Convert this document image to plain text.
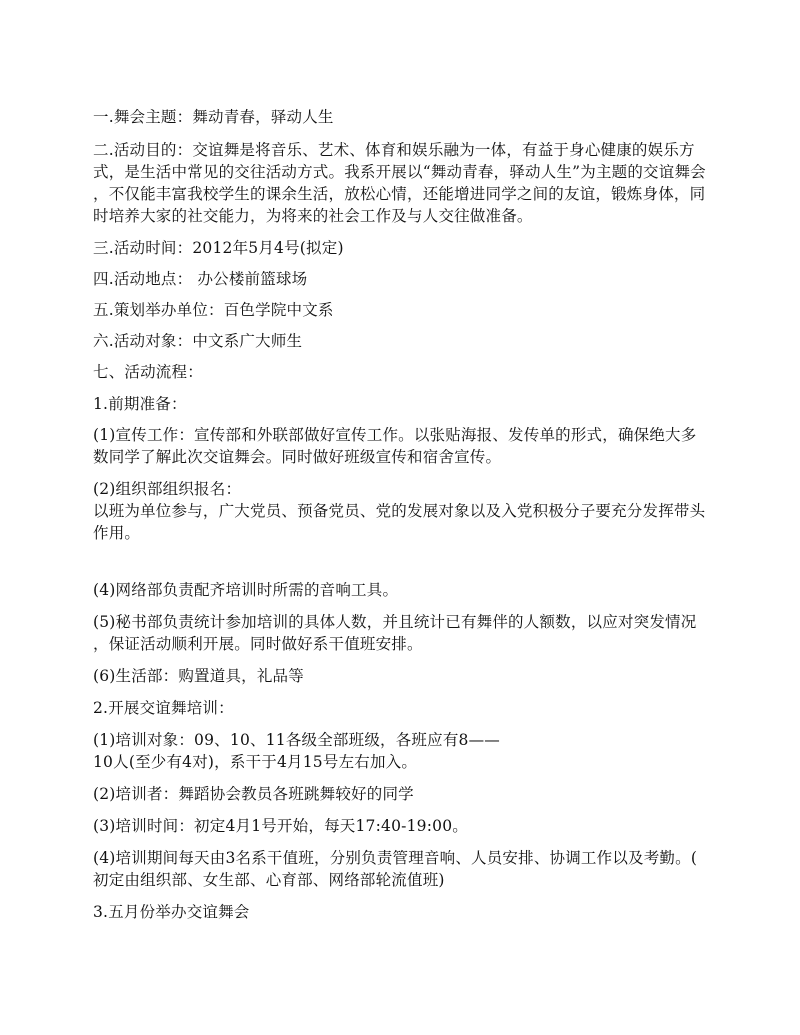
一.舞会主题：舞动青春，驿动人生
二.活动目的：交谊舞是将音乐、艺术、体育和娱乐融为一体，有益于身心健康的娱乐方
式，是生活中常见的交往活动方式。我系开展以“舞动青春，驿动人生”为主题的交谊舞会
，不仅能丰富我校学生的课余生活，放松心情，还能增进同学之间的友谊，锻炼身体，同
时培养大家的社交能力，为将来的社会工作及与人交往做准备。
三.活动时间：2012年5月4号(拟定)
四.活动地点： 办公楼前篮球场
五.策划举办单位：百色学院中文系
六.活动对象：中文系广大师生
七、活动流程：
1.前期准备：
(1)宣传工作：宣传部和外联部做好宣传工作。以张贴海报、发传单的形式，确保绝大多
数同学了解此次交谊舞会。同时做好班级宣传和宿舍宣传。
(2)组织部组织报名：
以班为单位参与，广大党员、预备党员、党的发展对象以及入党积极分子要充分发挥带头
作用。
(4)网络部负责配齐培训时所需的音响工具。
(5)秘书部负责统计参加培训的具体人数，并且统计已有舞伴的人额数，以应对突发情况
，保证活动顺利开展。同时做好系干值班安排。
(6)生活部：购置道具，礼品等
2.开展交谊舞培训：
(1)培训对象：09、10、11各级全部班级，各班应有8——
10人(至少有4对)，系干于4月15号左右加入。
(2)培训者：舞蹈协会教员各班跳舞较好的同学
(3)培训时间：初定4月1号开始，每天17:40-19:00。
(4)培训期间每天由3名系干值班，分别负责管理音响、人员安排、协调工作以及考勤。(
初定由组织部、女生部、心育部、网络部轮流值班)
3.五月份举办交谊舞会
